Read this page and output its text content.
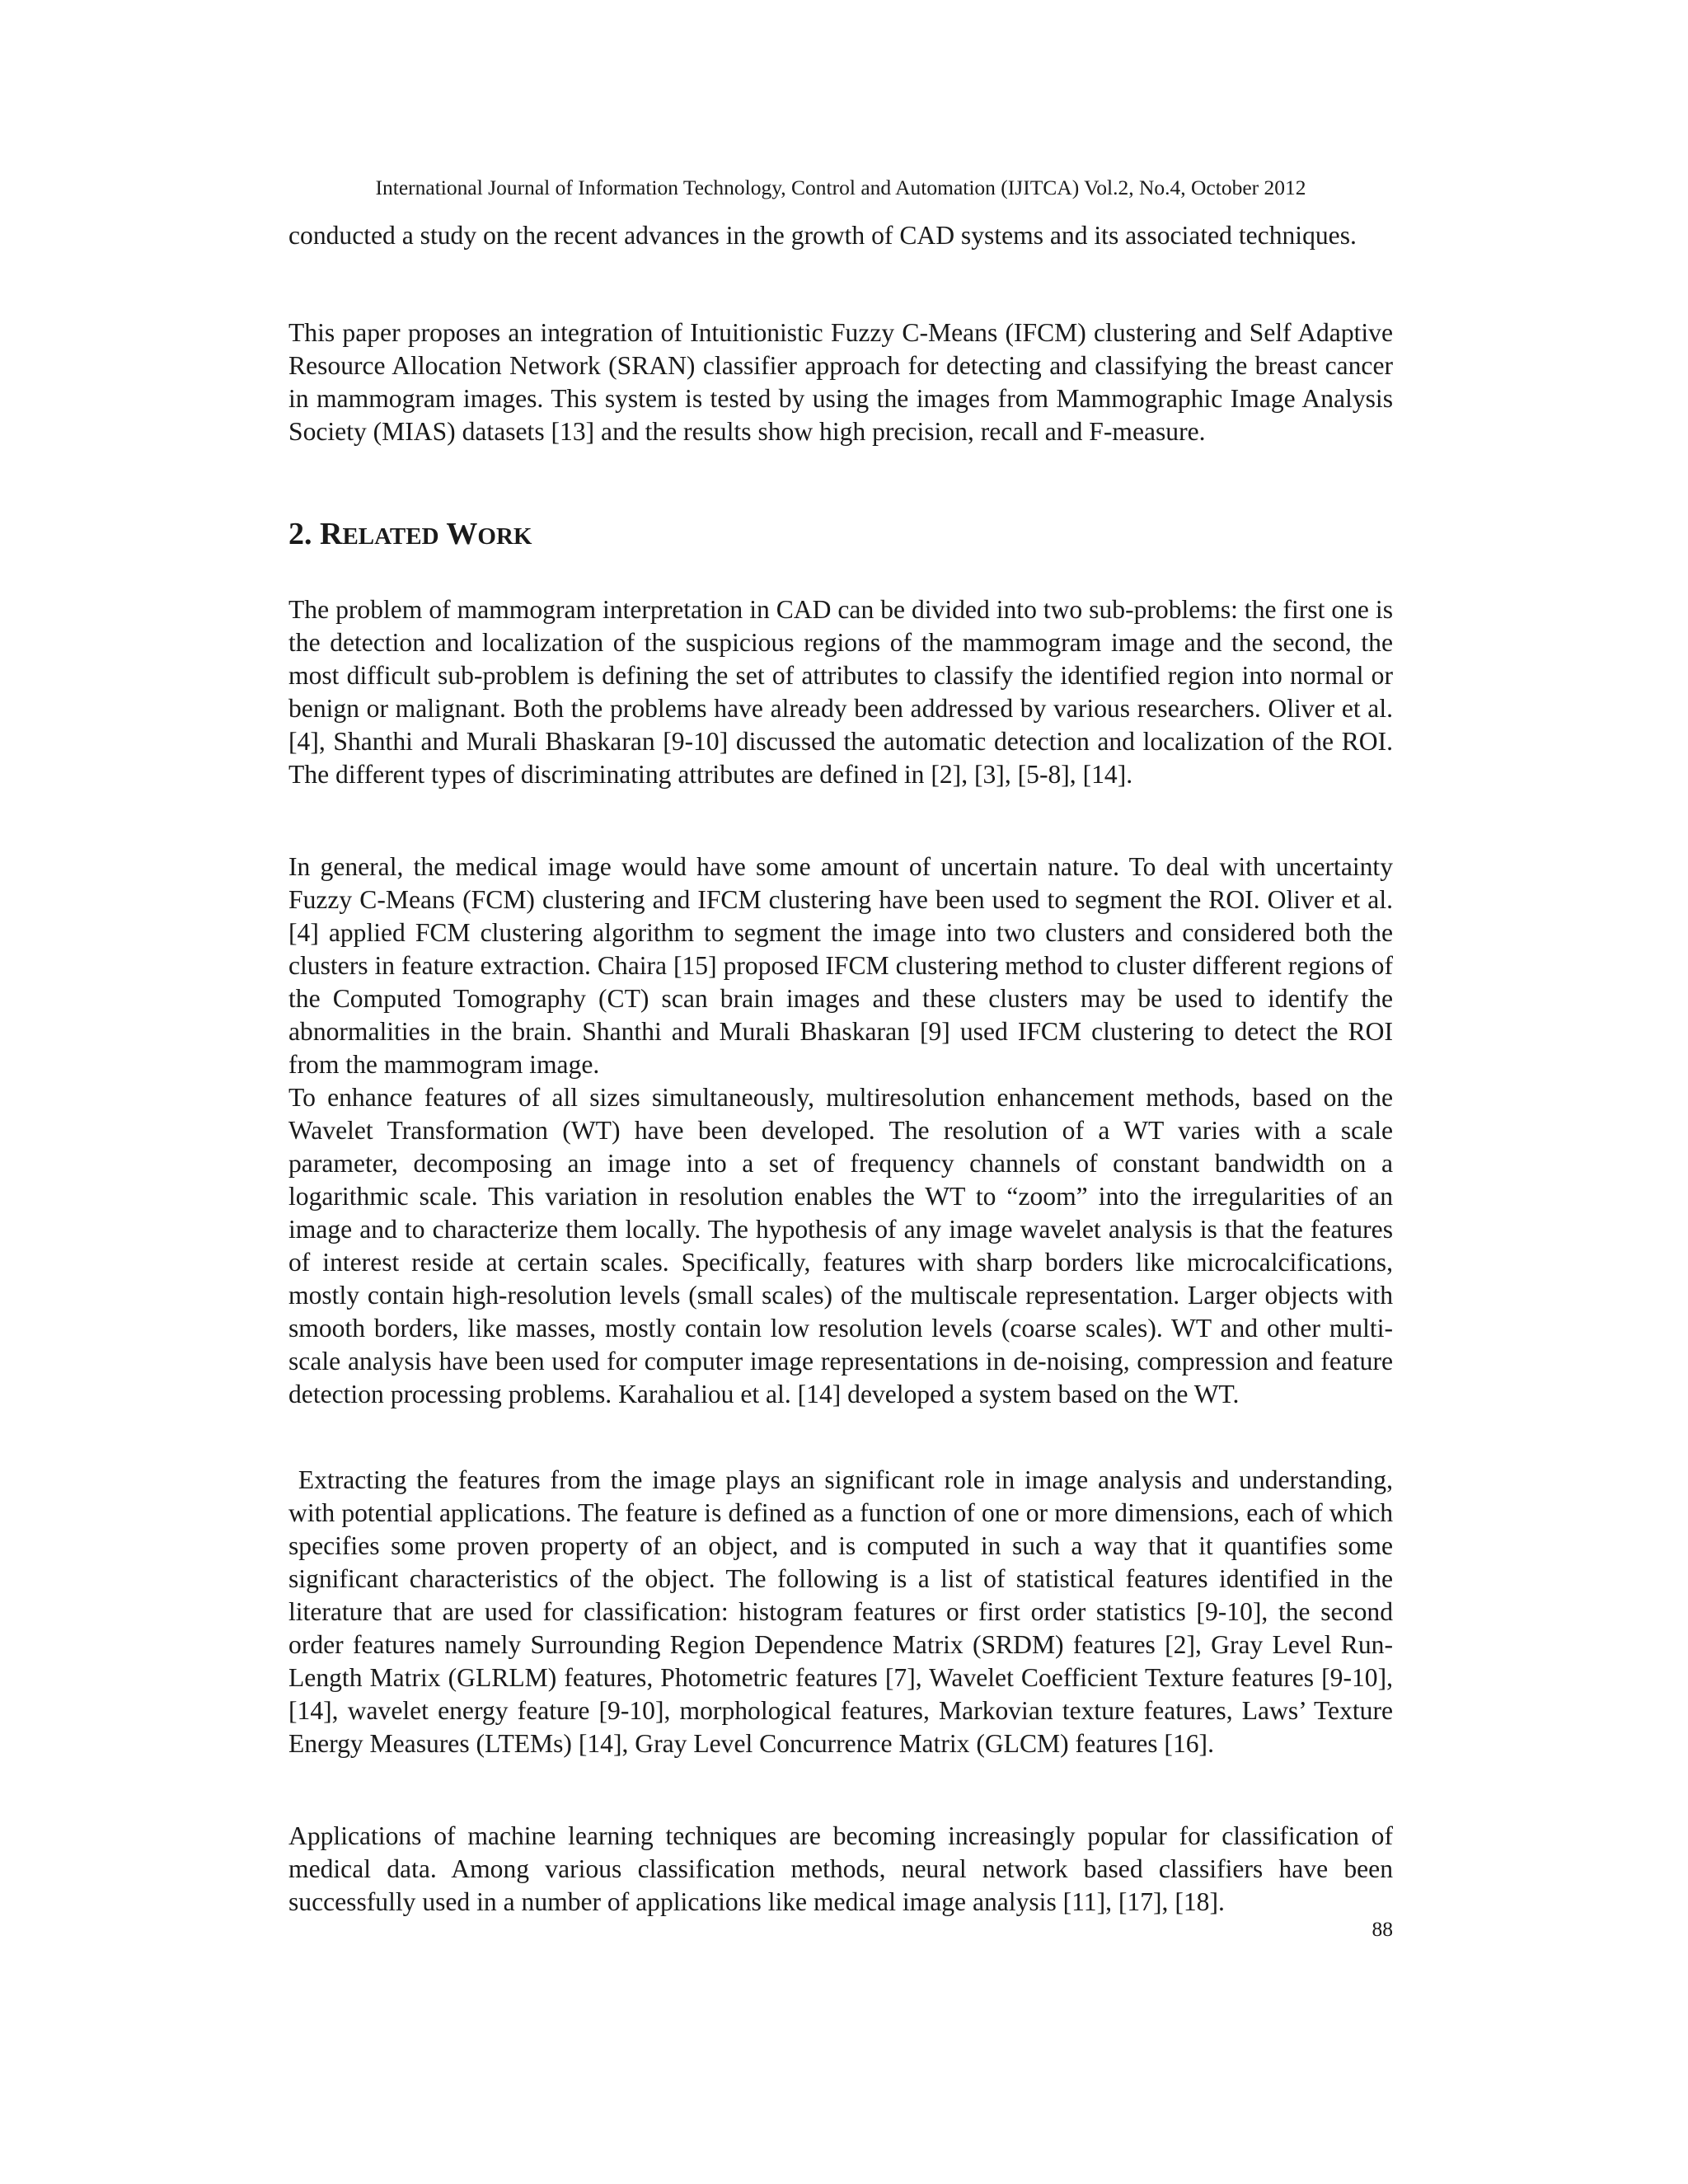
International Journal of Information Technology, Control and Automation (IJITCA) Vol.2, No.4, October 2012

conducted a study on the recent advances in the growth of CAD systems and its associated techniques.

This paper proposes an integration of Intuitionistic Fuzzy C-Means (IFCM) clustering and Self Adaptive Resource Allocation Network (SRAN) classifier approach for detecting and classifying the breast cancer in mammogram images. This system is tested by using the images from Mammographic Image Analysis Society (MIAS) datasets [13] and the results show high precision, recall and F-measure.

2. RELATED WORK

The problem of mammogram interpretation in CAD can be divided into two sub-problems: the first one is the detection and localization of the suspicious regions of the mammogram image and the second, the most difficult sub-problem is defining the set of attributes to classify the identified region into normal or benign or malignant. Both the problems have already been addressed by various researchers. Oliver et al. [4], Shanthi and Murali Bhaskaran [9-10] discussed the automatic detection and localization of the ROI. The different types of discriminating attributes are defined in [2], [3], [5-8], [14].

In general, the medical image would have some amount of uncertain nature. To deal with uncertainty Fuzzy C-Means (FCM) clustering and IFCM clustering have been used to segment the ROI. Oliver et al. [4] applied FCM clustering algorithm to segment the image into two clusters and considered both the clusters in feature extraction. Chaira [15] proposed IFCM clustering method to cluster different regions of the Computed Tomography (CT) scan brain images and these clusters may be used to identify the abnormalities in the brain. Shanthi and Murali Bhaskaran [9] used IFCM clustering to detect the ROI from the mammogram image.

To enhance features of all sizes simultaneously, multiresolution enhancement methods, based on the Wavelet Transformation (WT) have been developed. The resolution of a WT varies with a scale parameter, decomposing an image into a set of frequency channels of constant bandwidth on a logarithmic scale. This variation in resolution enables the WT to “zoom” into the irregularities of an image and to characterize them locally. The hypothesis of any image wavelet analysis is that the features of interest reside at certain scales. Specifically, features with sharp borders like microcalcifications, mostly contain high-resolution levels (small scales) of the multiscale representation. Larger objects with smooth borders, like masses, mostly contain low resolution levels (coarse scales). WT and other multi-scale analysis have been used for computer image representations in de-noising, compression and feature detection processing problems. Karahaliou et al. [14] developed a system based on the WT.

Extracting the features from the image plays an significant role in image analysis and understanding, with potential applications. The feature is defined as a function of one or more dimensions, each of which specifies some proven property of an object, and is computed in such a way that it quantifies some significant characteristics of the object. The following is a list of statistical features identified in the literature that are used for classification: histogram features or first order statistics [9-10], the second order features namely Surrounding Region Dependence Matrix (SRDM) features [2], Gray Level Run-Length Matrix (GLRLM) features, Photometric features [7], Wavelet Coefficient Texture features [9-10], [14], wavelet energy feature [9-10], morphological features, Markovian texture features, Laws’ Texture Energy Measures (LTEMs) [14], Gray Level Concurrence Matrix (GLCM) features [16].

Applications of machine learning techniques are becoming increasingly popular for classification of medical data. Among various classification methods, neural network based classifiers have been successfully used in a number of applications like medical image analysis [11], [17], [18].

88
